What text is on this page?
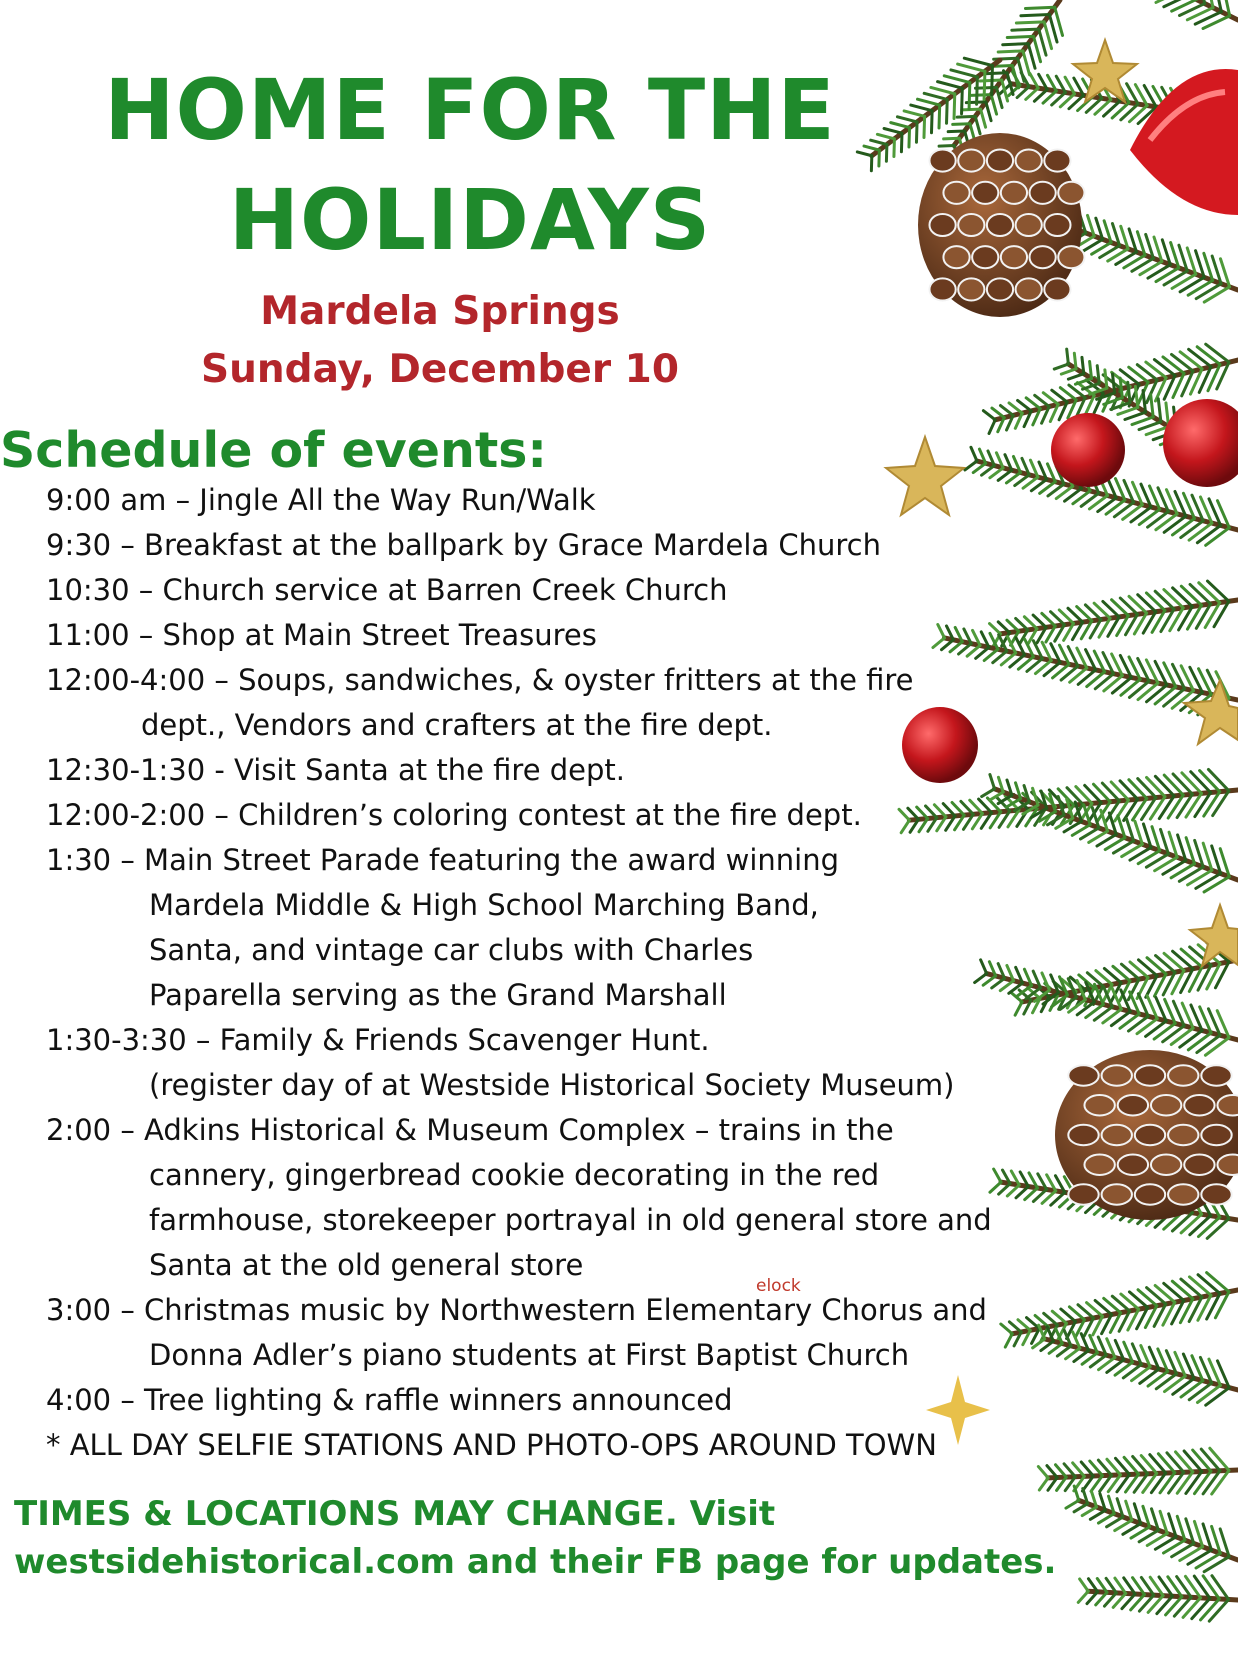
HOME FOR THE
HOLIDAYS
Mardela Springs
Sunday, December 10
Schedule of events:
9:00 am – Jingle All the Way Run/Walk
9:30 – Breakfast at the ballpark by Grace Mardela Church
10:30 – Church service at Barren Creek Church
11:00 – Shop at Main Street Treasures
12:00-4:00 – Soups, sandwiches, & oyster fritters at the fire
dept., Vendors and crafters at the fire dept.
12:30-1:30 - Visit Santa at the fire dept.
12:00-2:00 – Children’s coloring contest at the fire dept.
1:30 – Main Street Parade featuring the award winning
Mardela Middle & High School Marching Band,
Santa, and vintage car clubs with Charles
Paparella serving as the Grand Marshall
1:30-3:30 – Family & Friends Scavenger Hunt.
(register day of at Westside Historical Society Museum)
2:00 – Adkins Historical & Museum Complex – trains in the
cannery, gingerbread cookie decorating in the red
farmhouse, storekeeper portrayal in old general store and
Santa at the old general store
3:00 – Christmas music by Northwestern Elementary Chorus and
Donna Adler’s piano students at First Baptist Church
4:00 – Tree lighting & raffle winners announced
* ALL DAY SELFIE STATIONS AND PHOTO-OPS AROUND TOWN
elock
TIMES & LOCATIONS MAY CHANGE. Visit
westsidehistorical.com and their FB page for updates.
